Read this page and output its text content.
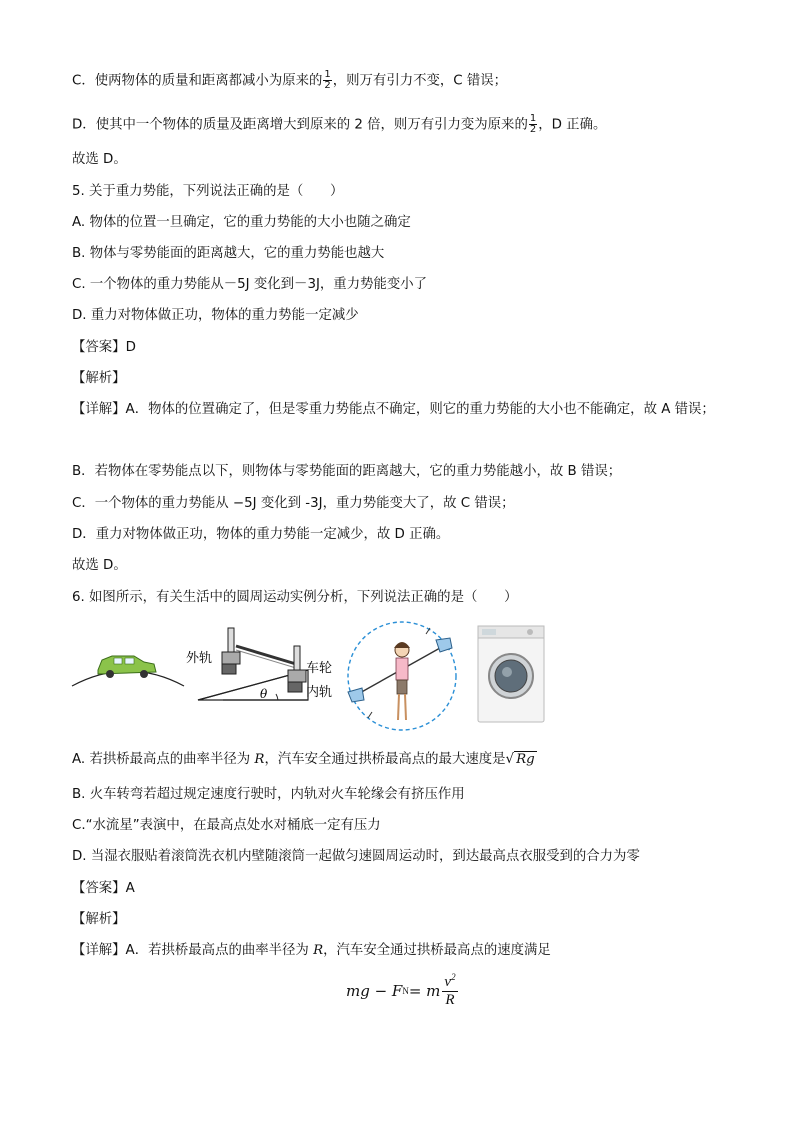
C．使两物体的质量和距离都减小为原来的 $\frac{1}{2}$ ，则万有引力不变，C 错误；
D．使其中一个物体的质量及距离增大到原来的 2 倍，则万有引力变为原来的 $\frac{1}{2}$ ，D 正确。
故选 D。
5. 关于重力势能，下列说法正确的是（　　）
A. 物体的位置一旦确定，它的重力势能的大小也随之确定
B. 物体与零势能面的距离越大，它的重力势能也越大
C. 一个物体的重力势能从－5J 变化到－3J，重力势能变小了
D. 重力对物体做正功，物体的重力势能一定减少
【答案】D
【解析】
【详解】A．物体的位置确定了，但是零重力势能点不确定，则它的重力势能的大小也不能确定，故 A 错误；
B．若物体在零势能点以下，则物体与零势能面的距离越大，它的重力势能越小，故 B 错误；
C．一个物体的重力势能从 −5J 变化到 -3J，重力势能变大了，故 C 错误；
D．重力对物体做正功，物体的重力势能一定减少，故 D 正确。
故选 D。
6. 如图所示，有关生活中的圆周运动实例分析，下列说法正确的是（　　）
外轨
车轮
内轨
θ
A. 若拱桥最高点的曲率半径为 R，汽车安全通过拱桥最高点的最大速度是√ Rg
B. 火车转弯若超过规定速度行驶时，内轨对火车轮缘会有挤压作用
C.“水流星”表演中，在最高点处水对桶底一定有压力
D. 当湿衣服贴着滚筒洗衣机内壁随滚筒一起做匀速圆周运动时，到达最高点衣服受到的合力为零
【答案】A
【解析】
【详解】A．若拱桥最高点的曲率半径为 R，汽车安全通过拱桥最高点的速度满足
mg − F N = m $\frac{v^2}{R}$
